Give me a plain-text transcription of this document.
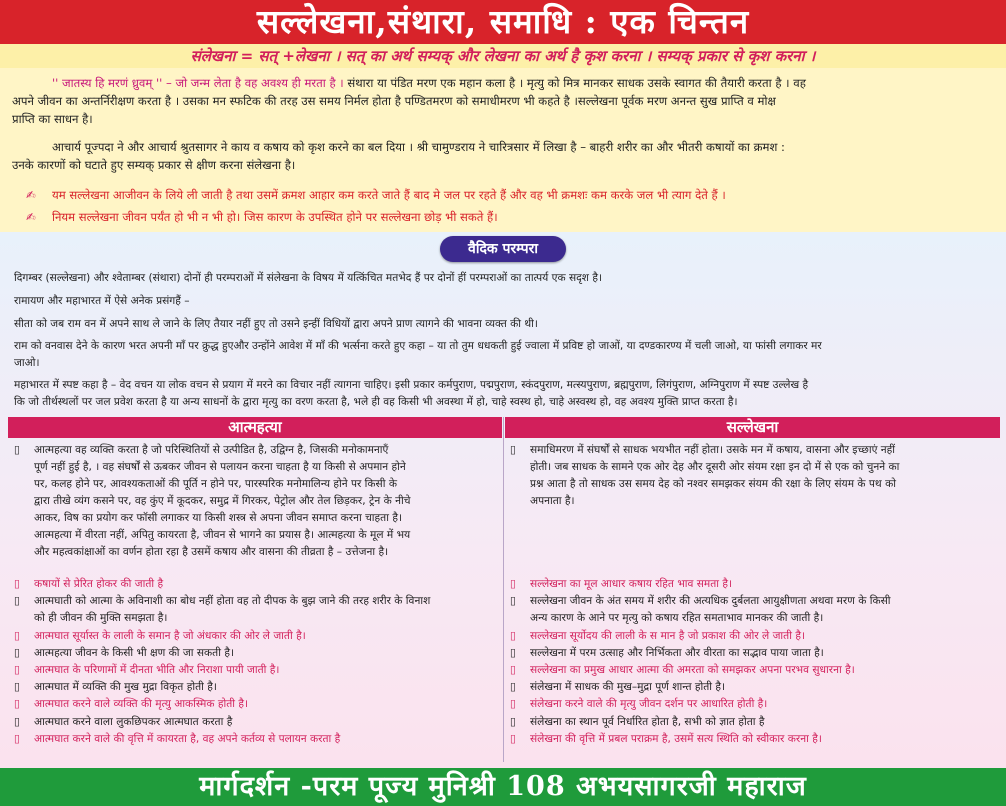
सल्लेखना,संथारा, समाधि : एक चिन्तन
संलेखना = सत् +लेखना । सत् का अर्थ सम्यक् और लेखना का अर्थ है कृश करना । सम्यक् प्रकार से कृश करना ।
'' जातस्य हि मरणं ध्रुवम् '' – जो जन्म लेता है वह अवश्य ही मरता है । संथारा या पंडित मरण एक महान कला है । मृत्यु को मित्र मानकर साधक उसके स्वागत की तैयारी करता है । वह
अपने जीवन का अन्तर्निरीक्षण करता है । उसका मन स्फटिक की तरह उस समय निर्मल होता है पण्डितमरण को समाधीमरण भी कहते है ।सल्लेखना पूर्वक मरण अनन्त सुख प्राप्ति व मोक्ष
प्राप्ति का साधन है।
आचार्य पूज्पदा ने और आचार्य श्रुतसागर ने काय व कषाय को कृश करने का बल दिया । श्री चामुण्डराय ने चारित्रसार में लिखा है – बाहरी शरीर का और भीतरी कषायों का क्रमश :
उनके कारणों को घटाते हुए सम्यक् प्रकार से क्षीण करना संलेखना है।
✍ यम सल्लेखना आजीवन के लिये ली जाती है तथा उसमें क्रमश आहार कम करते जाते हैं बाद मे जल पर रहते हैं और वह भी क्रमशः कम करके जल भी त्याग देते हैं ।
✍ नियम सल्लेखना जीवन पर्यंत हो भी न भी हो। जिस कारण के उपस्थित होने पर सल्लेखना छोड़ भी सकते हैं।
वैदिक परम्परा
दिगम्बर (सल्लेखना) और श्वेताम्बर (संथारा) दोनों ही परम्पराओं में संलेखना के विषय में यत्किंचित मतभेद हैं पर दोनों हीं परम्पराओं का तात्पर्य एक सदृश है।
रामायण और महाभारत में ऐसे अनेक प्रसंगहैं –
सीता को जब राम वन में अपने साथ ले जाने के लिए तैयार नहीं हुए तो उसने इन्हीं विधियों द्वारा अपने प्राण त्यागने की भावना व्यक्त की थी।
राम को वनवास देने के कारण भरत अपनी माँ पर क्रुद्ध हुएऔर उन्होंने आवेश में माँ की भर्त्सना करते हुए कहा – या तो तुम धधकती हुई ज्वाला में प्रविष्ट हो जाओं, या दण्डकारण्य में चली जाओ, या फांसी लगाकर मर
जाओ।
महाभारत में स्पष्ट कहा है – वेद वचन या लोक वचन से प्रयाग में मरने का विचार नहीं त्यागना चाहिए। इसी प्रकार कर्मपुराण, पद्मपुराण, स्कंदपुराण, मत्स्यपुराण, ब्रह्मपुराण, लिगंपुराण, अग्निपुराण में स्पष्ट उल्लेख है
कि जो तीर्थस्थलों पर जल प्रवेश करता है या अन्य साधनों के द्वारा मृत्यु का वरण करता है, भले ही वह किसी भी अवस्था में हो, चाहे स्वस्थ हो, चाहे अस्वस्थ हो, वह अवश्य मुक्ति प्राप्त करता है।
आत्महत्या	सल्लेखना
▯ आत्महत्या वह व्यक्ति करता है जो परिस्थितियों से उत्पीडित है, उद्विग्न है, जिसकी मनोकामनाएँ
पूर्ण नहीं हुई है, । वह संघर्षों से ऊबकर जीवन से पलायन करना चाहता है या किसी से अपमान होने
पर, कलह होने पर, आवश्यकताओं की पूर्ति न होने पर, पारस्परिक मनोमालिन्य होने पर किसी के
द्वारा तीखे व्यंग कसने पर, वह कुंए में कूदकर, समुद्र में गिरकर, पेट्रोल और तेल छिड़कर, ट्रेन के नीचे
आकर, विष का प्रयोग कर फॉसी लगाकर या किसी शस्त्र से अपना जीवन समाप्त करना चाहता है।
आत्महत्या में वीरता नहीं, अपितु कायरता है, जीवन से भागने का प्रयास है। आत्महत्या के मूल में भय
और महत्वकांक्षाओं का वर्णन होता रहा है उसमें कषाय और वासना की तीव्रता है – उत्तेजना है।
▯ कषायों से प्रेरित होकर की जाती है
▯ आत्मघाती को आत्मा के अविनाशी का बोध नहीं होता वह तो दीपक के बुझ जाने की तरह शरीर के विनाश
को ही जीवन की मुक्ति समझता है।
▯ आत्मघात सूर्यास्त के लाली के समान है जो अंधकार की ओर ले जाती है।
▯ आत्महत्या जीवन के किसी भी क्षण की जा सकती है।
▯ आत्मघात के परिणामों में दीनता भीति और निराशा पायी जाती है।
▯ आत्मघात में व्यक्ति की मुख मुद्रा विकृत होती है।
▯ आत्मघात करने वाले व्यक्ति की मृत्यु आकस्मिक होती है।
▯ आत्मघात करने वाला लुकछिपकर आत्मघात करता है
▯ आत्मघात करने वाले की वृत्ति में कायरता है, वह अपने कर्तव्य से पलायन करता है
▯ समाधिमरण में संघर्षों से साधक भयभीत नहीं होता। उसके मन में कषाय, वासना और इच्छाएं नहीं
होती। जब साधक के सामने एक ओर देह और दूसरी ओर संयम रक्षा इन दो में से एक को चुनने का
प्रश्न आता है तो साधक उस समय देह को नश्वर समझकर संयम की रक्षा के लिए संयम के पथ को
अपनाता है।
▯ सल्लेखना का मूल आधार कषाय रहित भाव समता है।
▯ सल्लेखना जीवन के अंत समय में शरीर की अत्यधिक दुर्बलता आयुक्षीणता अथवा मरण के किसी
अन्य कारण के आने पर मृत्यु को कषाय रहित समताभाव मानकर की जाती है।
▯ सल्लेखना सूर्योदय की लाली के स मान है जो प्रकाश की ओर ले जाती है।
▯ सल्लेखना में परम उत्साह और निर्भिकता और वीरता का सद्भाव पाया जाता है।
▯ सल्लेखना का प्रमुख आधार आत्मा की अमरता को समझकर अपना परभव सुधारना है।
▯ संलेखना में साधक की मुख–मुद्रा पूर्ण शान्त होती है।
▯ संलेखना करने वाले की मृत्यु जीवन दर्शन पर आधारित होती है।
▯ संलेखना का स्थान पूर्व निर्धारित होता है, सभी को ज्ञात होता है
▯ संलेखना की वृत्ति में प्रबल पराक्रम है, उसमें सत्य स्थिति को स्वीकार करना है।
मार्गदर्शन -परम पूज्य मुनिश्री 108 अभयसागरजी महाराज
